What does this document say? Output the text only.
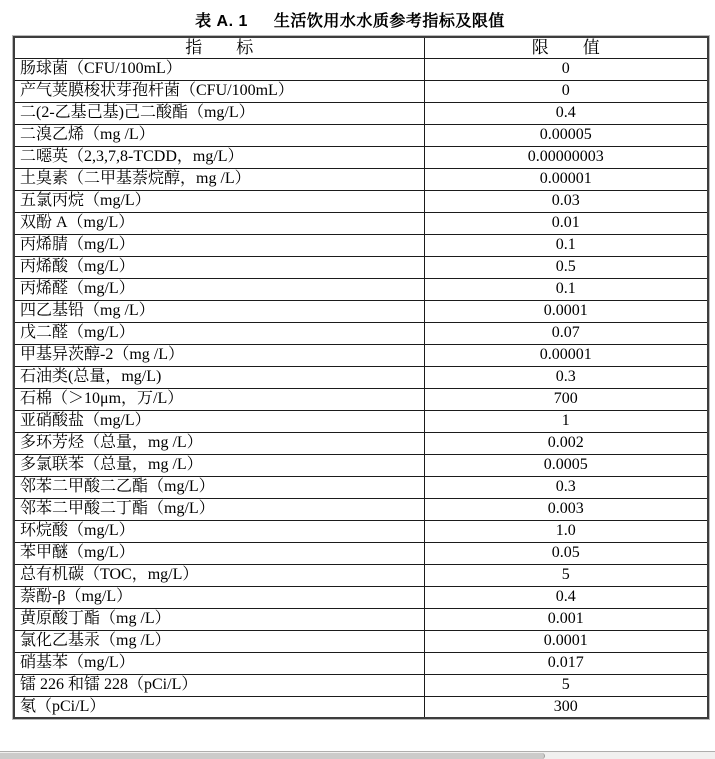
表 A. 1 生活饮用水水质参考指标及限值
指　　标	限　　值
肠球菌（CFU/100mL）	0
产气荚膜梭状芽孢杆菌（CFU/100mL）	0
二(2-乙基己基)己二酸酯（mg/L）	0.4
二溴乙烯（mg /L）	0.00005
二噁英（2,3,7,8-TCDD，mg/L）	0.00000003
土臭素（二甲基萘烷醇，mg /L）	0.00001
五氯丙烷（mg/L）	0.03
双酚 A（mg/L）	0.01
丙烯腈（mg/L）	0.1
丙烯酸（mg/L）	0.5
丙烯醛（mg/L）	0.1
四乙基铅（mg /L）	0.0001
戊二醛（mg/L）	0.07
甲基异茨醇-2（mg /L）	0.00001
石油类(总量，mg/L)	0.3
石棉（＞10μm，万/L）	700
亚硝酸盐（mg/L）	1
多环芳烃（总量，mg /L）	0.002
多氯联苯（总量，mg /L）	0.0005
邻苯二甲酸二乙酯（mg/L）	0.3
邻苯二甲酸二丁酯（mg/L）	0.003
环烷酸（mg/L）	1.0
苯甲醚（mg/L）	0.05
总有机碳（TOC，mg/L）	5
萘酚-β（mg/L）	0.4
黄原酸丁酯（mg /L）	0.001
氯化乙基汞（mg /L）	0.0001
硝基苯（mg/L）	0.017
镭 226 和镭 228（pCi/L）	5
氡（pCi/L）	300
